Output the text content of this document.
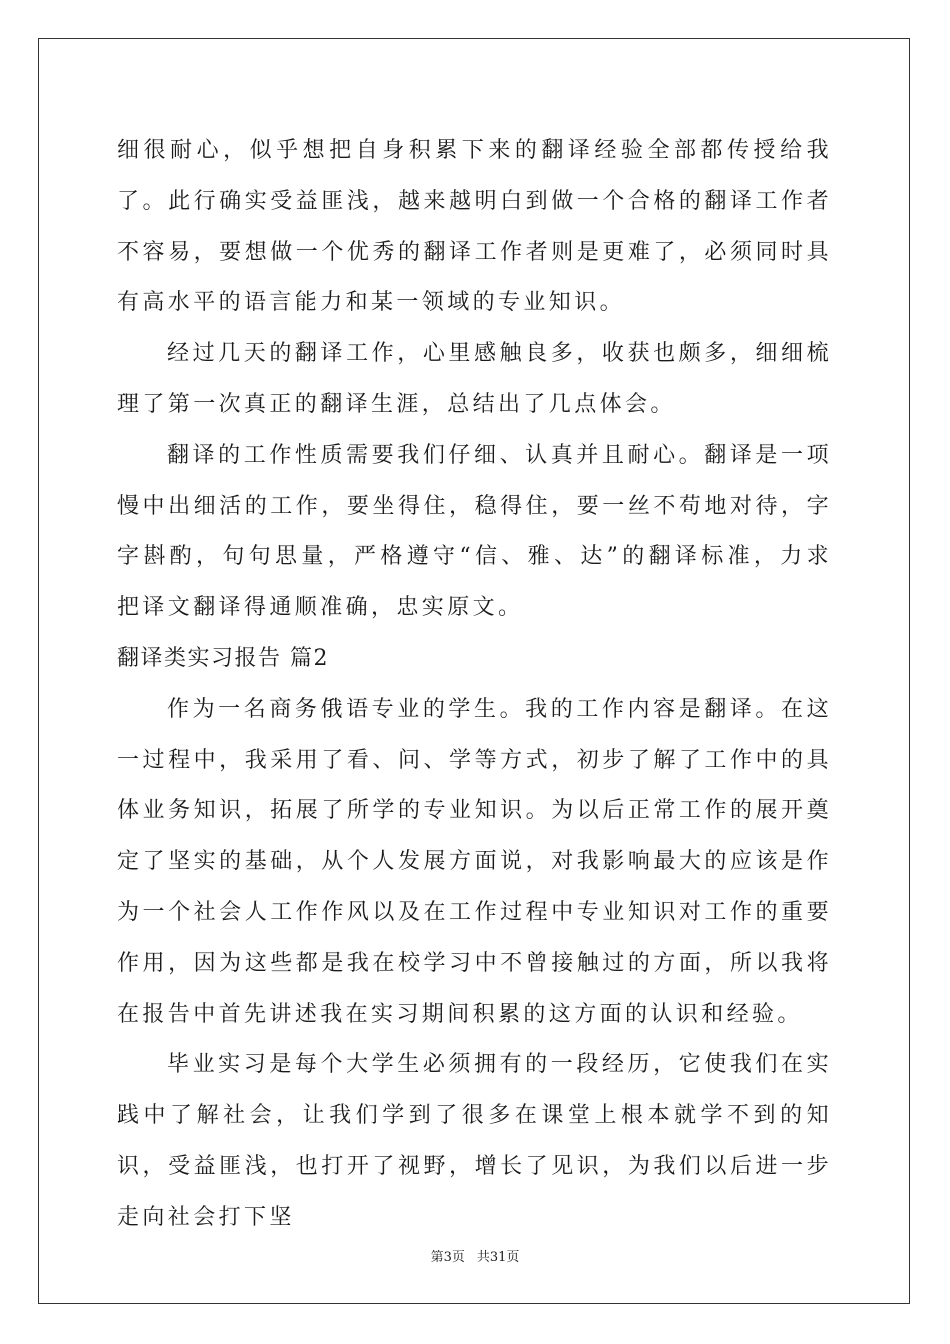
细很耐心，似乎想把自身积累下来的翻译经验全部都传授给我了。此行确实受益匪浅，越来越明白到做一个合格的翻译工作者不容易，要想做一个优秀的翻译工作者则是更难了，必须同时具有高水平的语言能力和某一领域的专业知识。

经过几天的翻译工作，心里感触良多，收获也颇多，细细梳理了第一次真正的翻译生涯，总结出了几点体会。

翻译的工作性质需要我们仔细、认真并且耐心。翻译是一项慢中出细活的工作，要坐得住，稳得住，要一丝不苟地对待，字字斟酌，句句思量，严格遵守“信、雅、达”的翻译标准，力求把译文翻译得通顺准确，忠实原文。

翻译类实习报告 篇2

作为一名商务俄语专业的学生。我的工作内容是翻译。在这一过程中，我采用了看、问、学等方式，初步了解了工作中的具体业务知识，拓展了所学的专业知识。为以后正常工作的展开奠定了坚实的基础，从个人发展方面说，对我影响最大的应该是作为一个社会人工作作风以及在工作过程中专业知识对工作的重要作用，因为这些都是我在校学习中不曾接触过的方面，所以我将在报告中首先讲述我在实习期间积累的这方面的认识和经验。

毕业实习是每个大学生必须拥有的一段经历，它使我们在实践中了解社会，让我们学到了很多在课堂上根本就学不到的知识，受益匪浅，也打开了视野，增长了见识，为我们以后进一步走向社会打下坚

第3页 共31页
